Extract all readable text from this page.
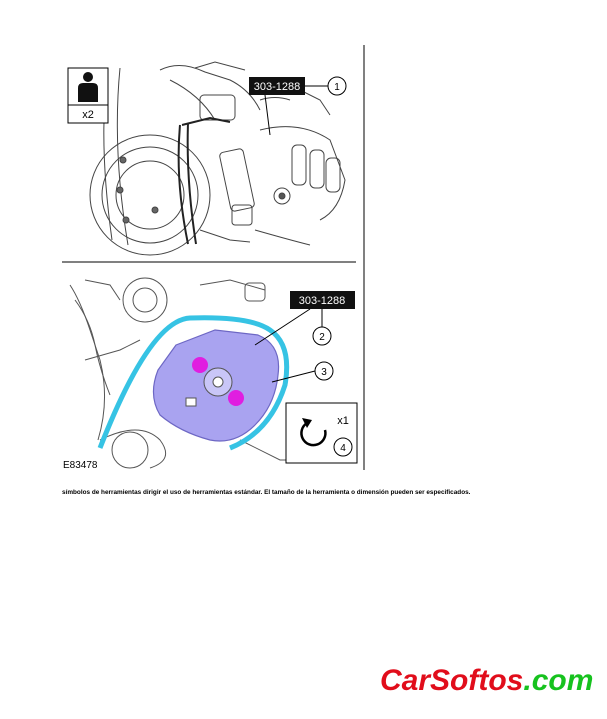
303-1288	1
x2
303-1288
2
3
4
x1
E83478
símbolos de herramientas dirigir el uso de herramientas estándar. El tamaño de la herramienta o dimensión pueden ser especificados.
CarSoftos.com
